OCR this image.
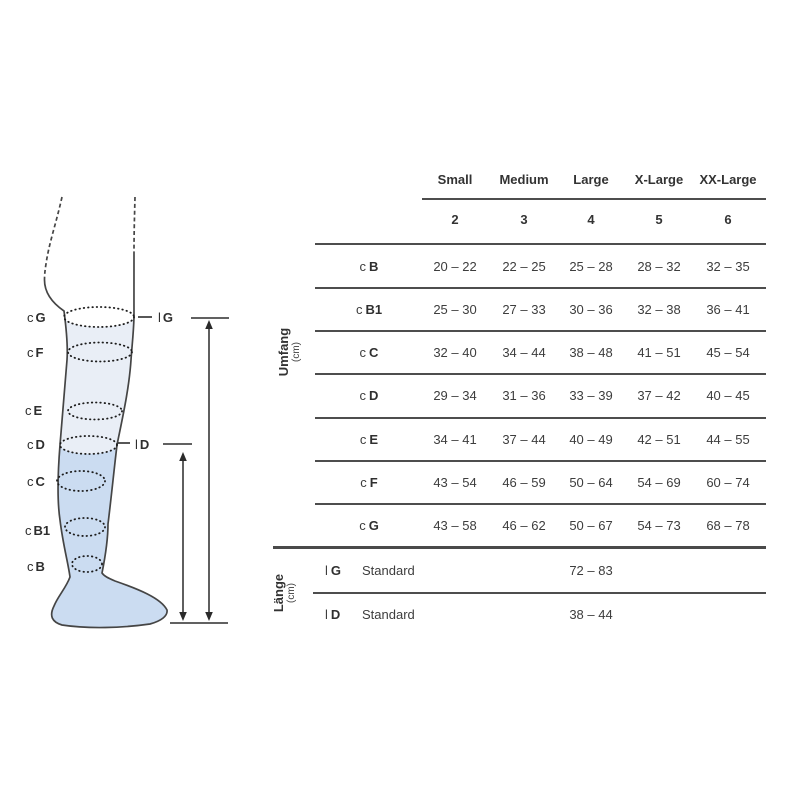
c G
c F
c E
c D
c C
c B1
c B
l G
l D
Small	Medium	Large	X-Large	XX-Large
2	3	4	5	6
Umfang (cm)
c B	20 – 22	22 – 25	25 – 28	28 – 32	32 – 35
c B1	25 – 30	27 – 33	30 – 36	32 – 38	36 – 41
c C	32 – 40	34 – 44	38 – 48	41 – 51	45 – 54
c D	29 – 34	31 – 36	33 – 39	37 – 42	40 – 45
c E	34 – 41	37 – 44	40 – 49	42 – 51	44 – 55
c F	43 – 54	46 – 59	50 – 64	54 – 69	60 – 74
c G	43 – 58	46 – 62	50 – 67	54 – 73	68 – 78
Länge (cm)
l G	Standard	72 – 83
l D	Standard	38 – 44
